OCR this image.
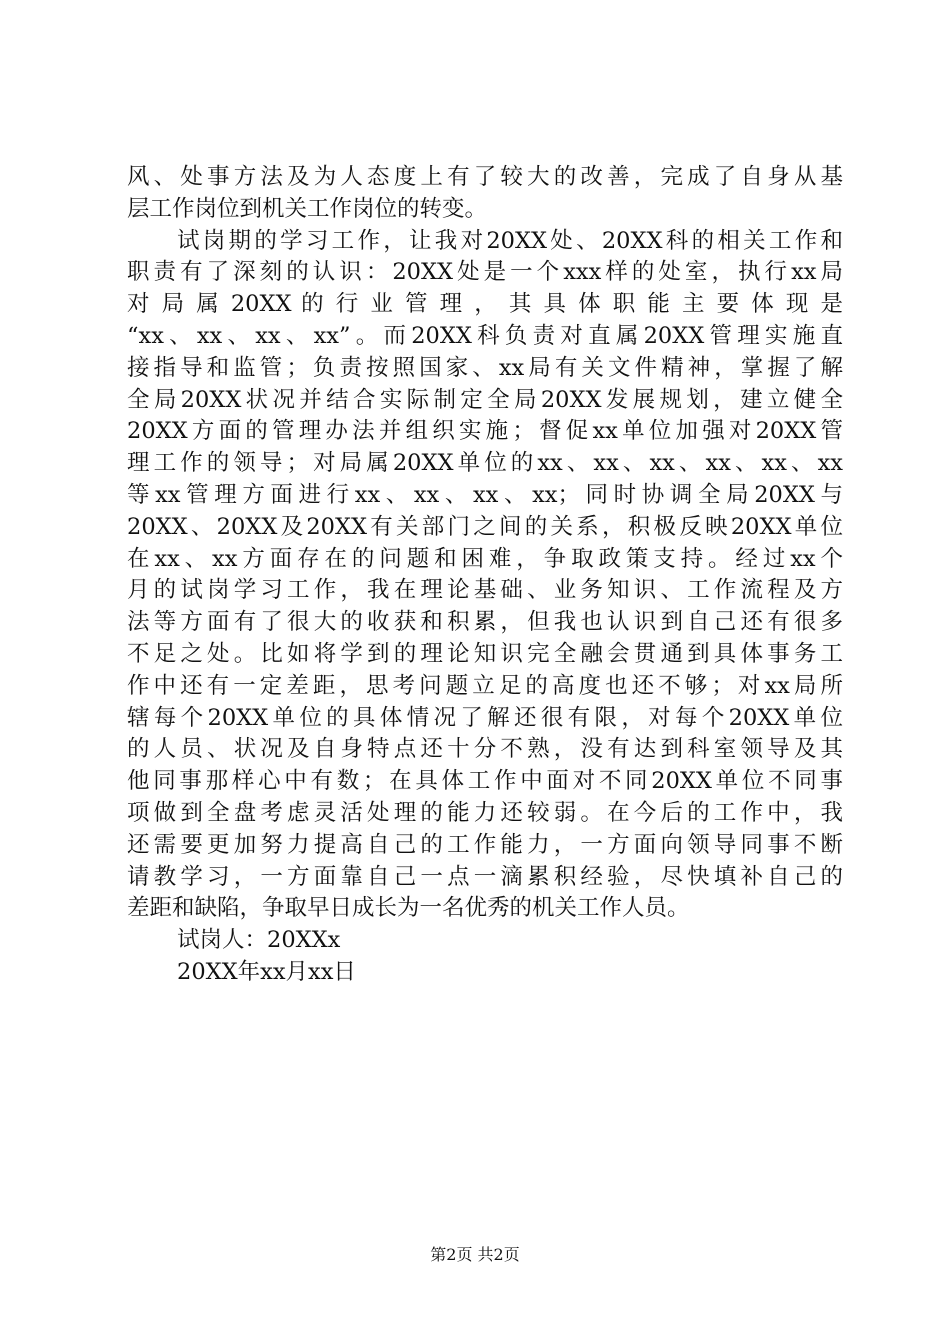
风、处事方法及为人态度上有了较大的改善，完成了自身从基
层工作岗位到机关工作岗位的转变。
试岗期的学习工作，让我对20XX处、20XX科的相关工作和
职责有了深刻的认识：20XX处是一个xxx样的处室，执行xx局
对 局 属 20XX 的 行 业 管 理 ， 其 具 体 职 能 主 要 体 现 是
“xx、xx、xx、xx”。而20XX科负责对直属20XX管理实施直
接指导和监管；负责按照国家、xx局有关文件精神，掌握了解
全局20XX状况并结合实际制定全局20XX发展规划，建立健全
20XX方面的管理办法并组织实施；督促xx单位加强对20XX管
理工作的领导；对局属20XX单位的xx、xx、xx、xx、xx、xx
等xx管理方面进行xx、xx、xx、xx；同时协调全局20XX与
20XX、20XX及20XX有关部门之间的关系，积极反映20XX单位
在xx、xx方面存在的问题和困难，争取政策支持。经过xx个
月的试岗学习工作，我在理论基础、业务知识、工作流程及方
法等方面有了很大的收获和积累，但我也认识到自己还有很多
不足之处。比如将学到的理论知识完全融会贯通到具体事务工
作中还有一定差距，思考问题立足的高度也还不够；对xx局所
辖每个20XX单位的具体情况了解还很有限，对每个20XX单位
的人员、状况及自身特点还十分不熟，没有达到科室领导及其
他同事那样心中有数；在具体工作中面对不同20XX单位不同事
项做到全盘考虑灵活处理的能力还较弱。在今后的工作中，我
还需要更加努力提高自己的工作能力，一方面向领导同事不断
请教学习，一方面靠自己一点一滴累积经验，尽快填补自己的
差距和缺陷，争取早日成长为一名优秀的机关工作人员。
试岗人：20XXx
20XX年xx月xx日
第2页 共2页
